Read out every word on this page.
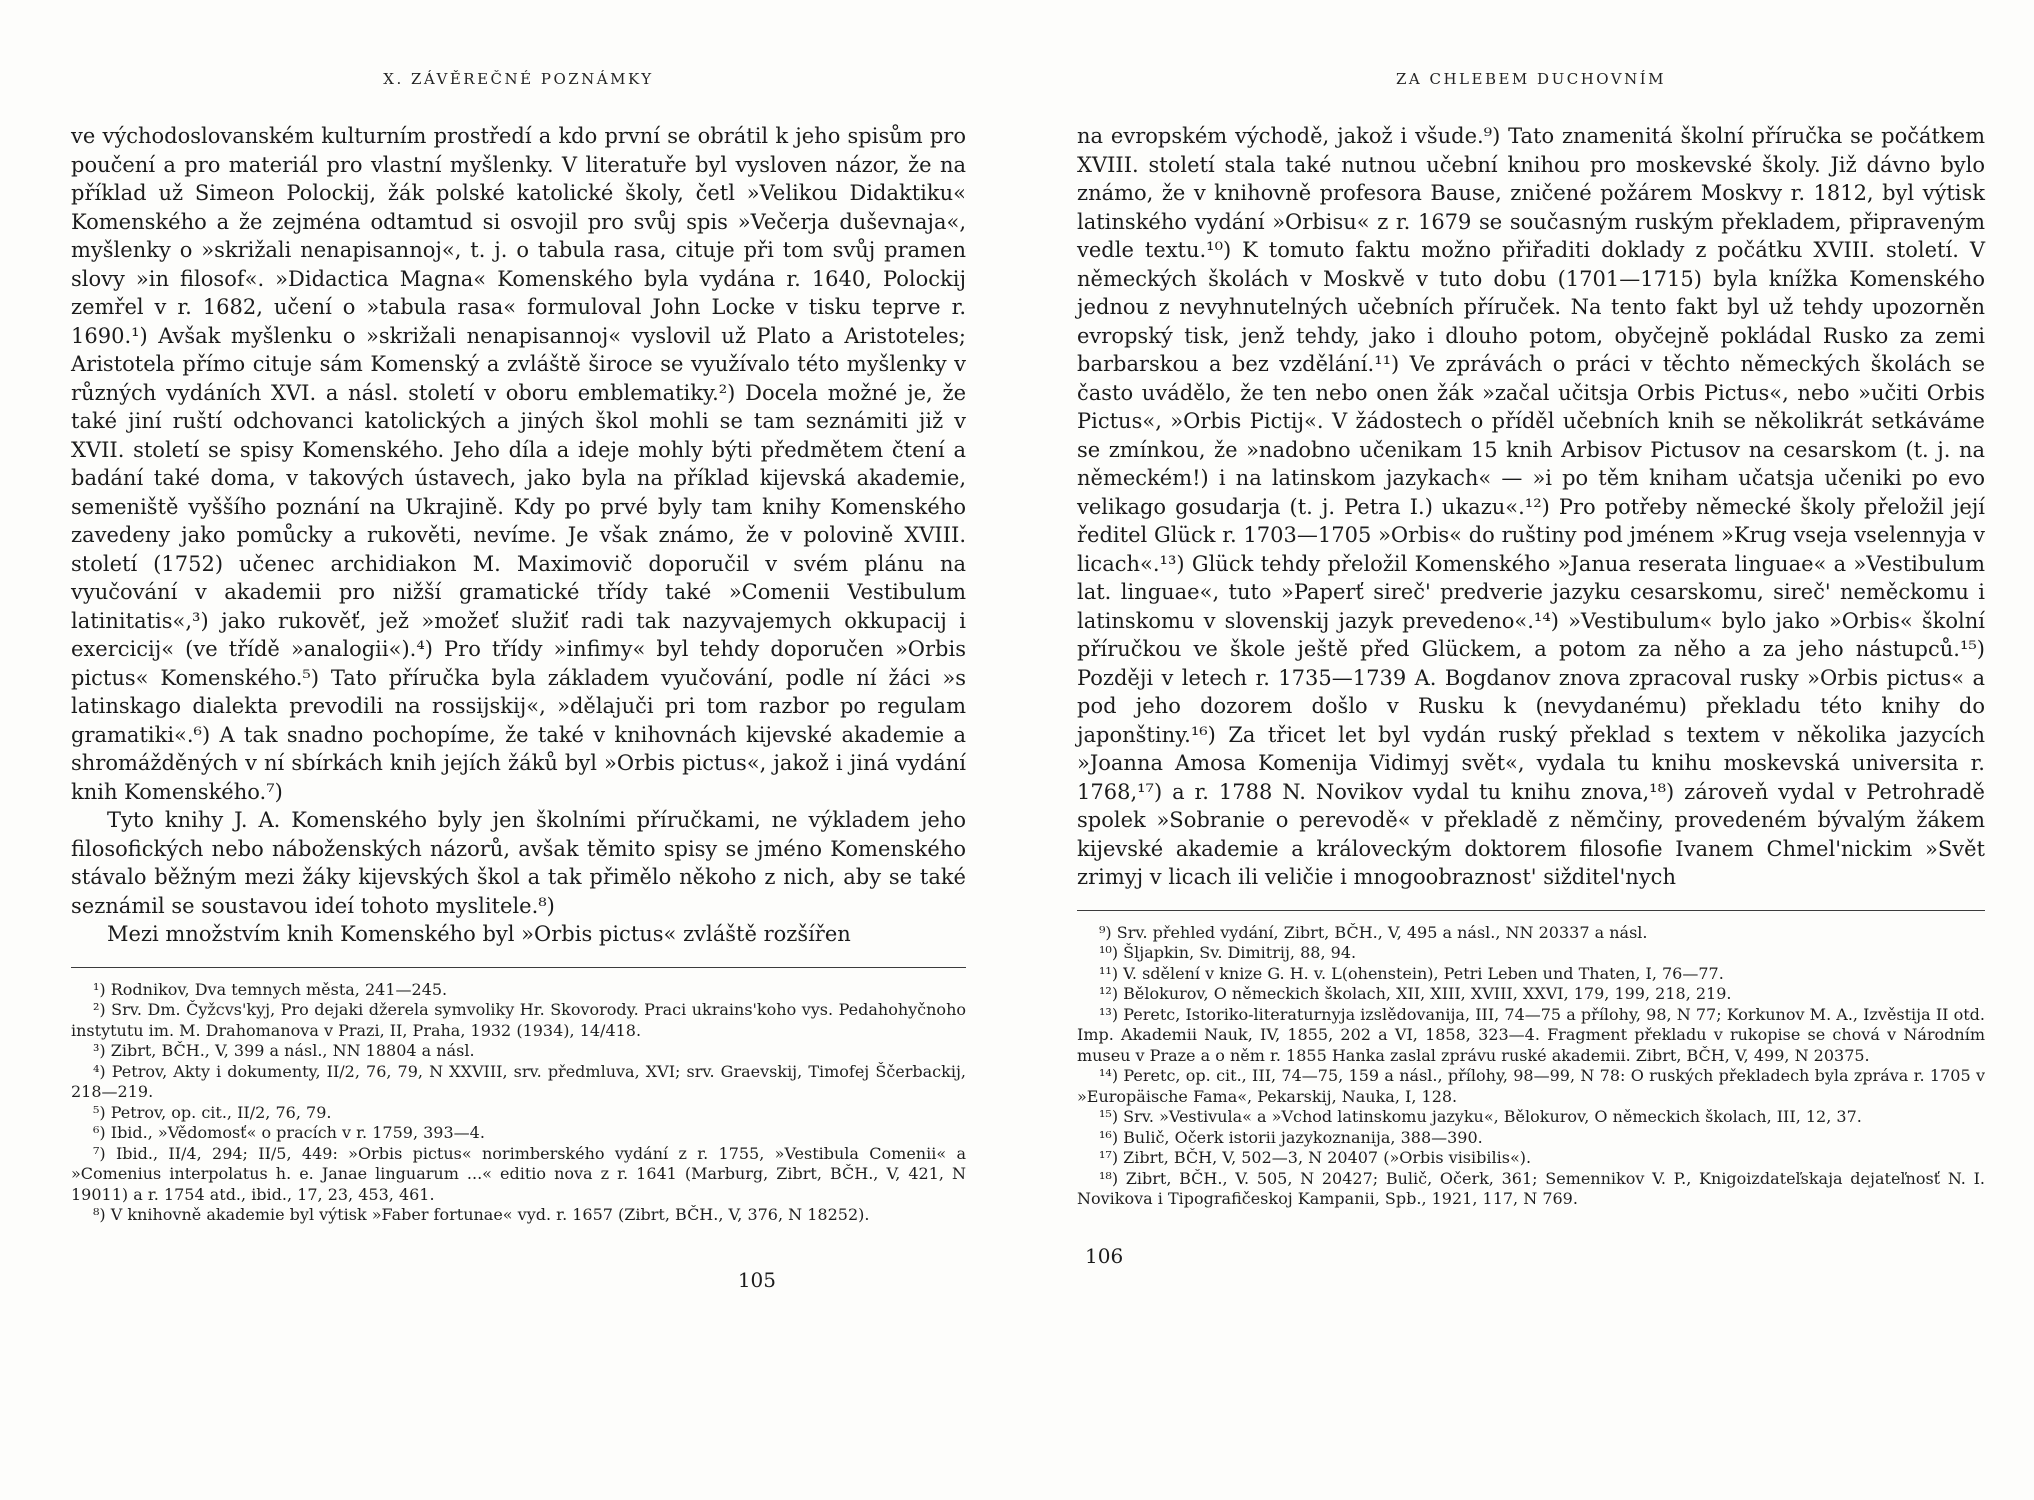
X. ZÁVĚREČNÉ POZNÁMKY

ve východoslovanském kulturním prostředí a kdo první se obrátil k jeho spisům pro poučení a pro materiál pro vlastní myšlenky. V literatuře byl vysloven názor, že na příklad už Simeon Polockij, žák polské katolické školy, četl »Velikou Didaktiku« Komenského a že zejména odtamtud si osvojil pro svůj spis »Večerja duševnaja«, myšlenky o »skrižali nenapisannoj«, t. j. o tabula rasa, cituje při tom svůj pramen slovy »in filosof«. »Didactica Magna« Komenského byla vydána r. 1640, Polockij zemřel v r. 1682, učení o »tabula rasa« formuloval John Locke v tisku teprve r. 1690.¹) Avšak myšlenku o »skrižali nenapisannoj« vyslovil už Plato a Aristoteles; Aristotela přímo cituje sám Komenský a zvláště široce se využívalo této myšlenky v různých vydáních XVI. a násl. století v oboru emblematiky.²) Docela možné je, že také jiní ruští odchovanci katolických a jiných škol mohli se tam seznámiti již v XVII. století se spisy Komenského. Jeho díla a ideje mohly býti předmětem čtení a badání také doma, v takových ústavech, jako byla na příklad kijevská akademie, semeniště vyššího poznání na Ukrajině. Kdy po prvé byly tam knihy Komenského zavedeny jako pomůcky a rukověti, nevíme. Je však známo, že v polovině XVIII. století (1752) učenec archidiakon M. Maximovič doporučil v svém plánu na vyučování v akademii pro nižší gramatické třídy také »Comenii Vestibulum latinitatis«,³) jako rukověť, jež »možeť služiť radi tak nazyvajemych okkupacij i exercicij« (ve třídě »analogii«).⁴) Pro třídy »infimy« byl tehdy doporučen »Orbis pictus« Komenského.⁵) Tato příručka byla základem vyučování, podle ní žáci »s latinskago dialekta prevodili na rossijskij«, »dělajuči pri tom razbor po regulam gramatiki«.⁶) A tak snadno pochopíme, že také v knihovnách kijevské akademie a shromážděných v ní sbírkách knih jejích žáků byl »Orbis pictus«, jakož i jiná vydání knih Komenského.⁷)

Tyto knihy J. A. Komenského byly jen školními příručkami, ne výkladem jeho filosofických nebo náboženských názorů, avšak těmito spisy se jméno Komenského stávalo běžným mezi žáky kijevských škol a tak přimělo někoho z nich, aby se také seznámil se soustavou ideí tohoto myslitele.⁸)

Mezi množstvím knih Komenského byl »Orbis pictus« zvláště rozšířen

¹) Rodnikov, Dva temnych města, 241—245.

²) Srv. Dm. Čyžcvs'kyj, Pro dejaki džerela symvoliky Hr. Skovorody. Praci ukrains'koho vys. Pedahohyčnoho instytutu im. M. Drahomanova v Prazi, II, Praha, 1932 (1934), 14/418.

³) Zibrt, BČH., V, 399 a násl., NN 18804 a násl.

⁴) Petrov, Akty i dokumenty, II/2, 76, 79, N XXVIII, srv. předmluva, XVI; srv. Graevskij, Timofej Ščerbackij, 218—219.

⁵) Petrov, op. cit., II/2, 76, 79.

⁶) Ibid., »Vědomosť« o pracích v r. 1759, 393—4.

⁷) Ibid., II/4, 294; II/5, 449: »Orbis pictus« norimberského vydání z r. 1755, »Vestibula Comenii« a »Comenius interpolatus h. e. Janae linguarum ...« editio nova z r. 1641 (Marburg, Zibrt, BČH., V, 421, N 19011) a r. 1754 atd., ibid., 17, 23, 453, 461.

⁸) V knihovně akademie byl výtisk »Faber fortunae« vyd. r. 1657 (Zibrt, BČH., V, 376, N 18252).

105
ZA CHLEBEM DUCHOVNÍM

na evropském východě, jakož i všude.⁹) Tato znamenitá školní příručka se počátkem XVIII. století stala také nutnou učební knihou pro moskevské školy. Již dávno bylo známo, že v knihovně profesora Bause, zničené požárem Moskvy r. 1812, byl výtisk latinského vydání »Orbisu« z r. 1679 se současným ruským překladem, připraveným vedle textu.¹⁰) K tomuto faktu možno přiřaditi doklady z počátku XVIII. století. V německých školách v Moskvě v tuto dobu (1701—1715) byla knížka Komenského jednou z nevyhnutelných učebních příruček. Na tento fakt byl už tehdy upozorněn evropský tisk, jenž tehdy, jako i dlouho potom, obyčejně pokládal Rusko za zemi barbarskou a bez vzdělání.¹¹) Ve zprávách o práci v těchto německých školách se často uvádělo, že ten nebo onen žák »začal učitsja Orbis Pictus«, nebo »učiti Orbis Pictus«, »Orbis Pictij«. V žádostech o příděl učebních knih se několikrát setkáváme se zmínkou, že »nadobno učenikam 15 knih Arbisov Pictusov na cesarskom (t. j. na německém!) i na latinskom jazykach« — »i po těm kniham učatsja učeniki po evo velikago gosudarja (t. j. Petra I.) ukazu«.¹²) Pro potřeby německé školy přeložil její ředitel Glück r. 1703—1705 »Orbis« do ruštiny pod jménem »Krug vseja vselennyja v licach«.¹³) Glück tehdy přeložil Komenského »Janua reserata linguae« a »Vestibulum lat. linguae«, tuto »Paperť sireč' predverie jazyku cesarskomu, sireč' neměckomu i latinskomu v slovenskij jazyk prevedeno«.¹⁴) »Vestibulum« bylo jako »Orbis« školní příručkou ve škole ještě před Glückem, a potom za něho a za jeho nástupců.¹⁵) Později v letech r. 1735—1739 A. Bogdanov znova zpracoval rusky »Orbis pictus« a pod jeho dozorem došlo v Rusku k (nevydanému) překladu této knihy do japonštiny.¹⁶) Za třicet let byl vydán ruský překlad s textem v několika jazycích »Joanna Amosa Komenija Vidimyj svět«, vydala tu knihu moskevská universita r. 1768,¹⁷) a r. 1788 N. Novikov vydal tu knihu znova,¹⁸) zároveň vydal v Petrohradě spolek »Sobranie o perevodě« v překladě z němčiny, provedeném bývalým žákem kijevské akademie a královeckým doktorem filosofie Ivanem Chmel'nickim »Svět zrimyj v licach ili veličie i mnogoobraznost' sižditel'nych

⁹) Srv. přehled vydání, Zibrt, BČH., V, 495 a násl., NN 20337 a násl.

¹⁰) Šljapkin, Sv. Dimitrij, 88, 94.

¹¹) V. sdělení v knize G. H. v. L(ohenstein), Petri Leben und Thaten, I, 76—77.

¹²) Bělokurov, O německich školach, XII, XIII, XVIII, XXVI, 179, 199, 218, 219.

¹³) Peretc, Istoriko-literaturnyja izslědovanija, III, 74—75 a přílohy, 98, N 77; Korkunov M. A., Izvěstija II otd. Imp. Akademii Nauk, IV, 1855, 202 a VI, 1858, 323—4. Fragment překladu v rukopise se chová v Národním museu v Praze a o něm r. 1855 Hanka zaslal zprávu ruské akademii. Zibrt, BČH, V, 499, N 20375.

¹⁴) Peretc, op. cit., III, 74—75, 159 a násl., přílohy, 98—99, N 78: O ruských překladech byla zpráva r. 1705 v »Europäische Fama«, Pekarskij, Nauka, I, 128.

¹⁵) Srv. »Vestivula« a »Vchod latinskomu jazyku«, Bělokurov, O německich školach, III, 12, 37.

¹⁶) Bulič, Očerk istorii jazykoznanija, 388—390.

¹⁷) Zibrt, BČH, V, 502—3, N 20407 (»Orbis visibilis«).

¹⁸) Zibrt, BČH., V. 505, N 20427; Bulič, Očerk, 361; Semennikov V. P., Knigoizdateľskaja dejateľnosť N. I. Novikova i Tipografičeskoj Kampanii, Spb., 1921, 117, N 769.

106
